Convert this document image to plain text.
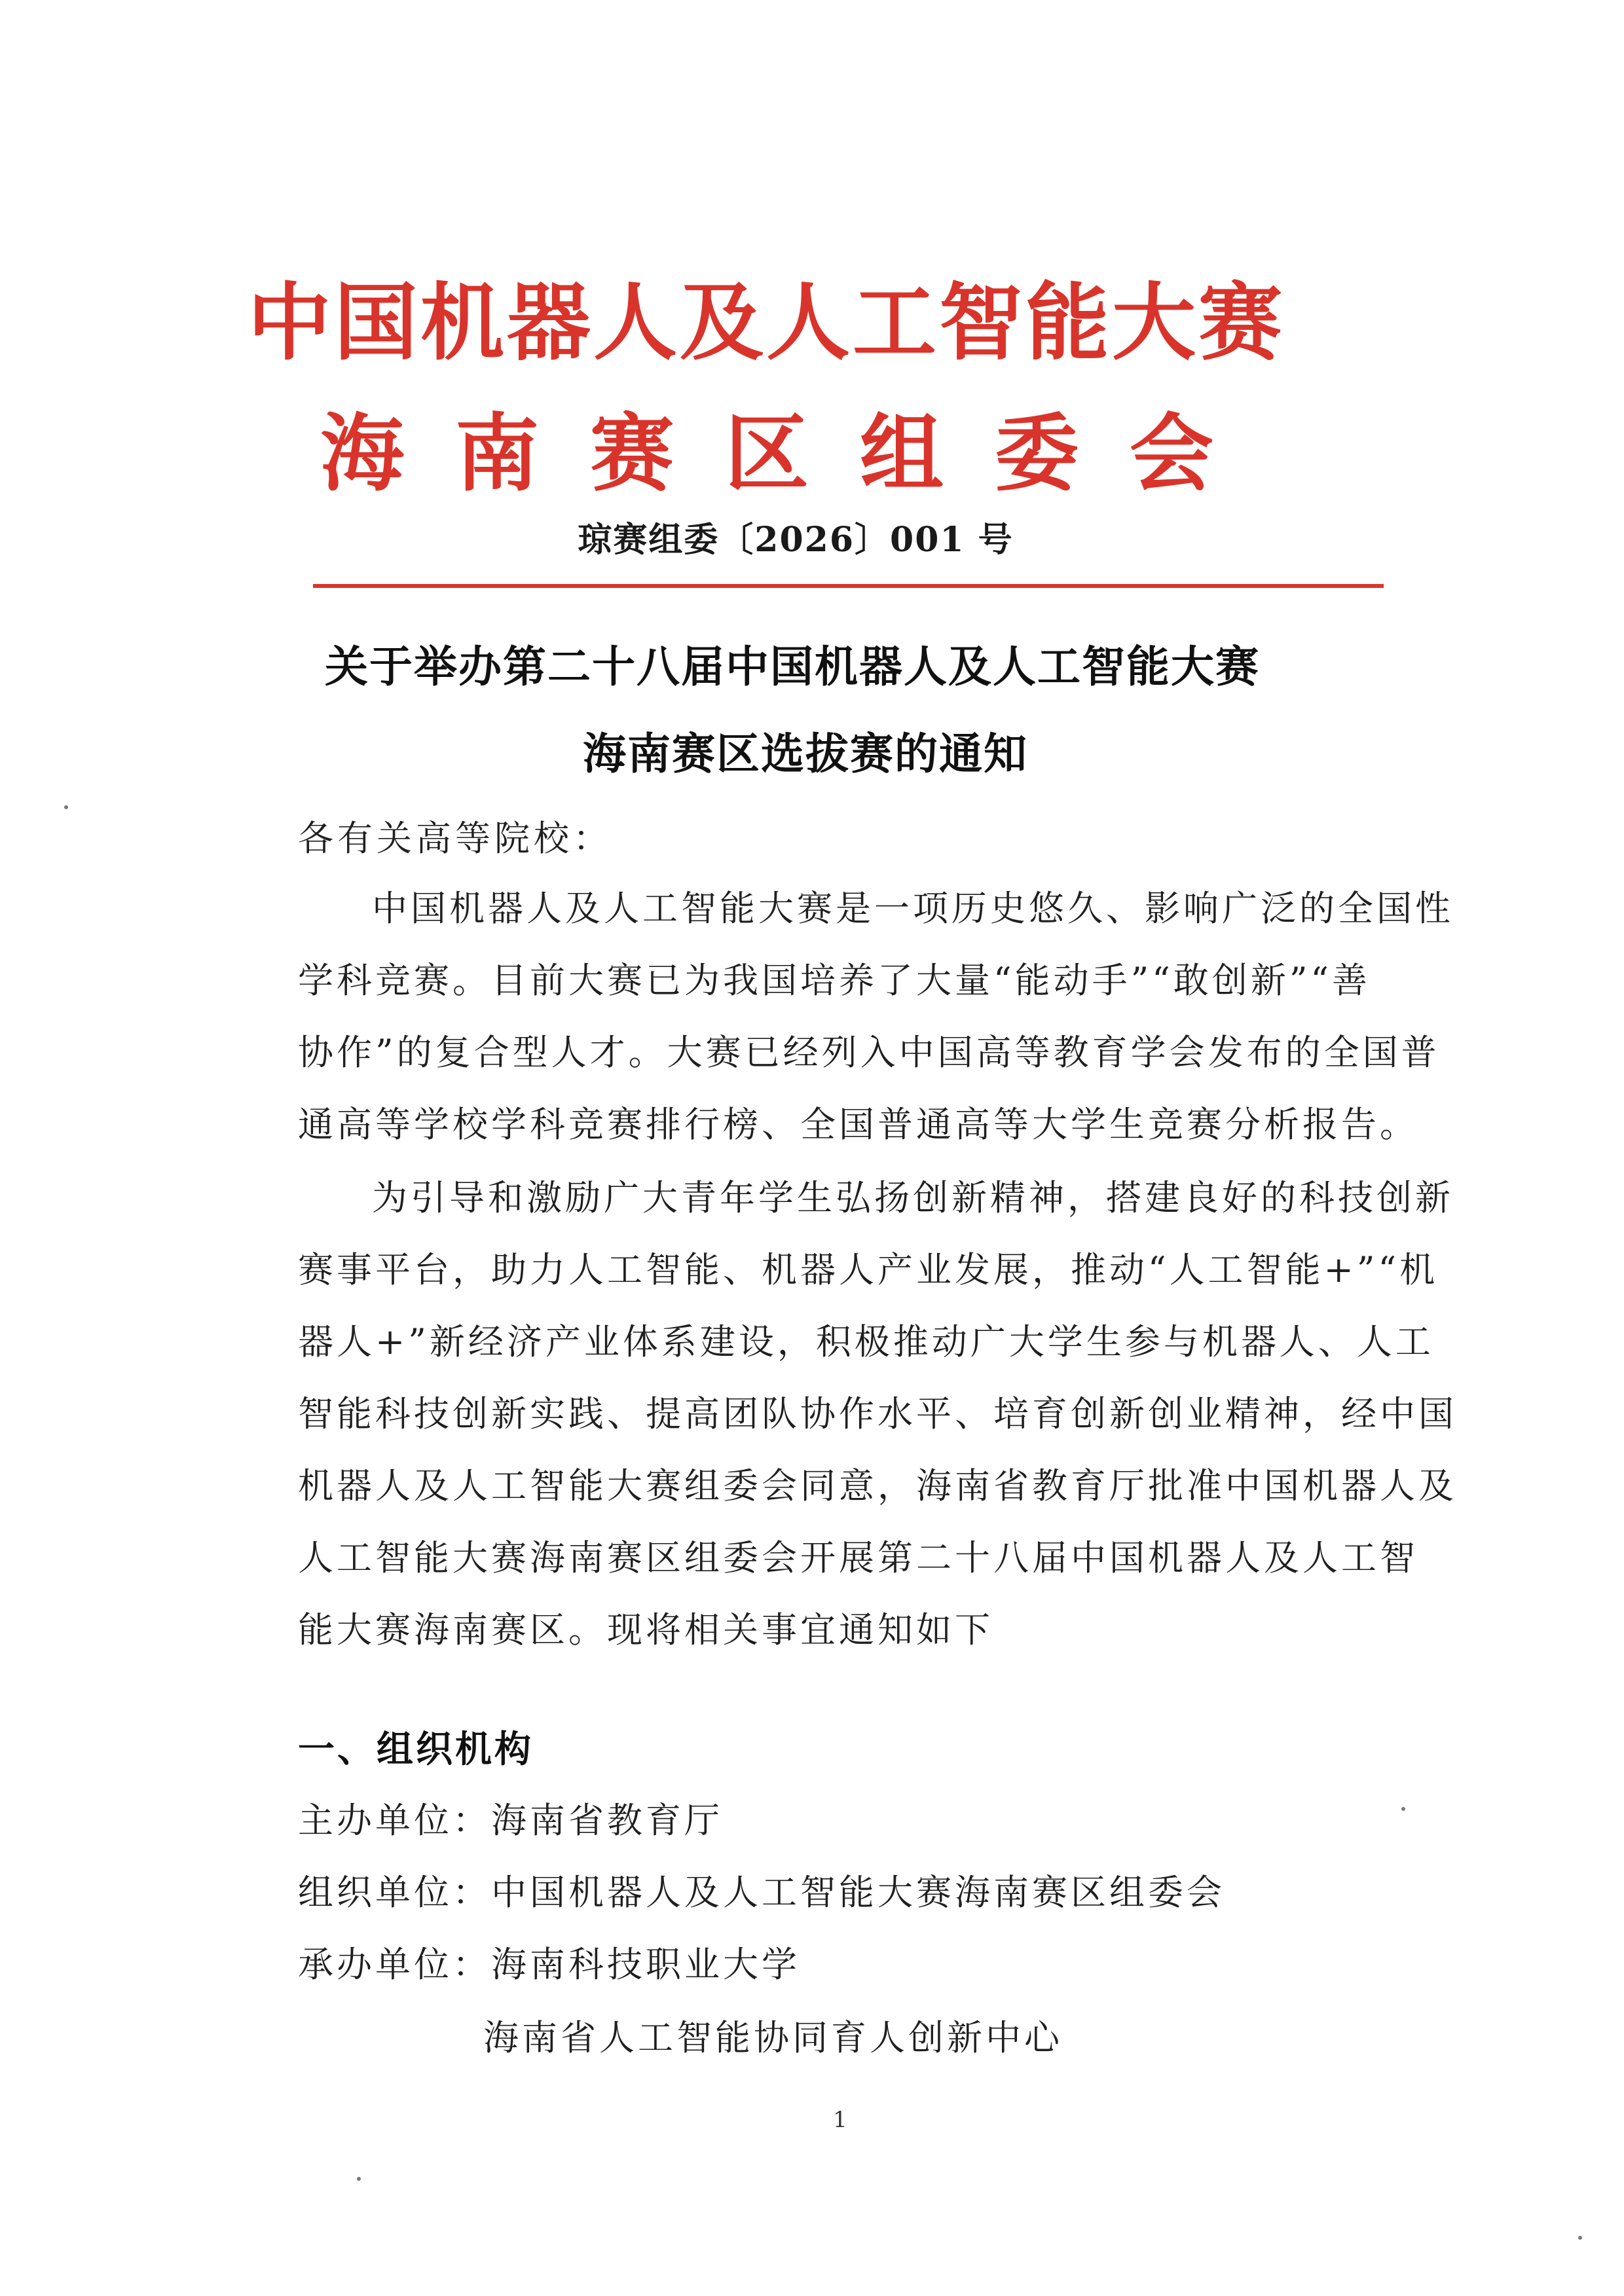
中国机器人及人工智能大赛
海南赛区组委会
琼赛组委〔2026〕001 号
关于举办第二十八届中国机器人及人工智能大赛
海南赛区选拔赛的通知
各有关高等院校：
中国机器人及人工智能大赛是一项历史悠久、影响广泛的全国性
学科竞赛。目前大赛已为我国培养了大量“能动手”“敢创新”“善
协作”的复合型人才。大赛已经列入中国高等教育学会发布的全国普
通高等学校学科竞赛排行榜、全国普通高等大学生竞赛分析报告。
为引导和激励广大青年学生弘扬创新精神，搭建良好的科技创新
赛事平台，助力人工智能、机器人产业发展，推动“人工智能+”“机
器人+”新经济产业体系建设，积极推动广大学生参与机器人、人工
智能科技创新实践、提高团队协作水平、培育创新创业精神，经中国
机器人及人工智能大赛组委会同意，海南省教育厅批准中国机器人及
人工智能大赛海南赛区组委会开展第二十八届中国机器人及人工智
能大赛海南赛区。现将相关事宜通知如下
一、组织机构
主办单位：海南省教育厅
组织单位：中国机器人及人工智能大赛海南赛区组委会
承办单位：海南科技职业大学
海南省人工智能协同育人创新中心
1
